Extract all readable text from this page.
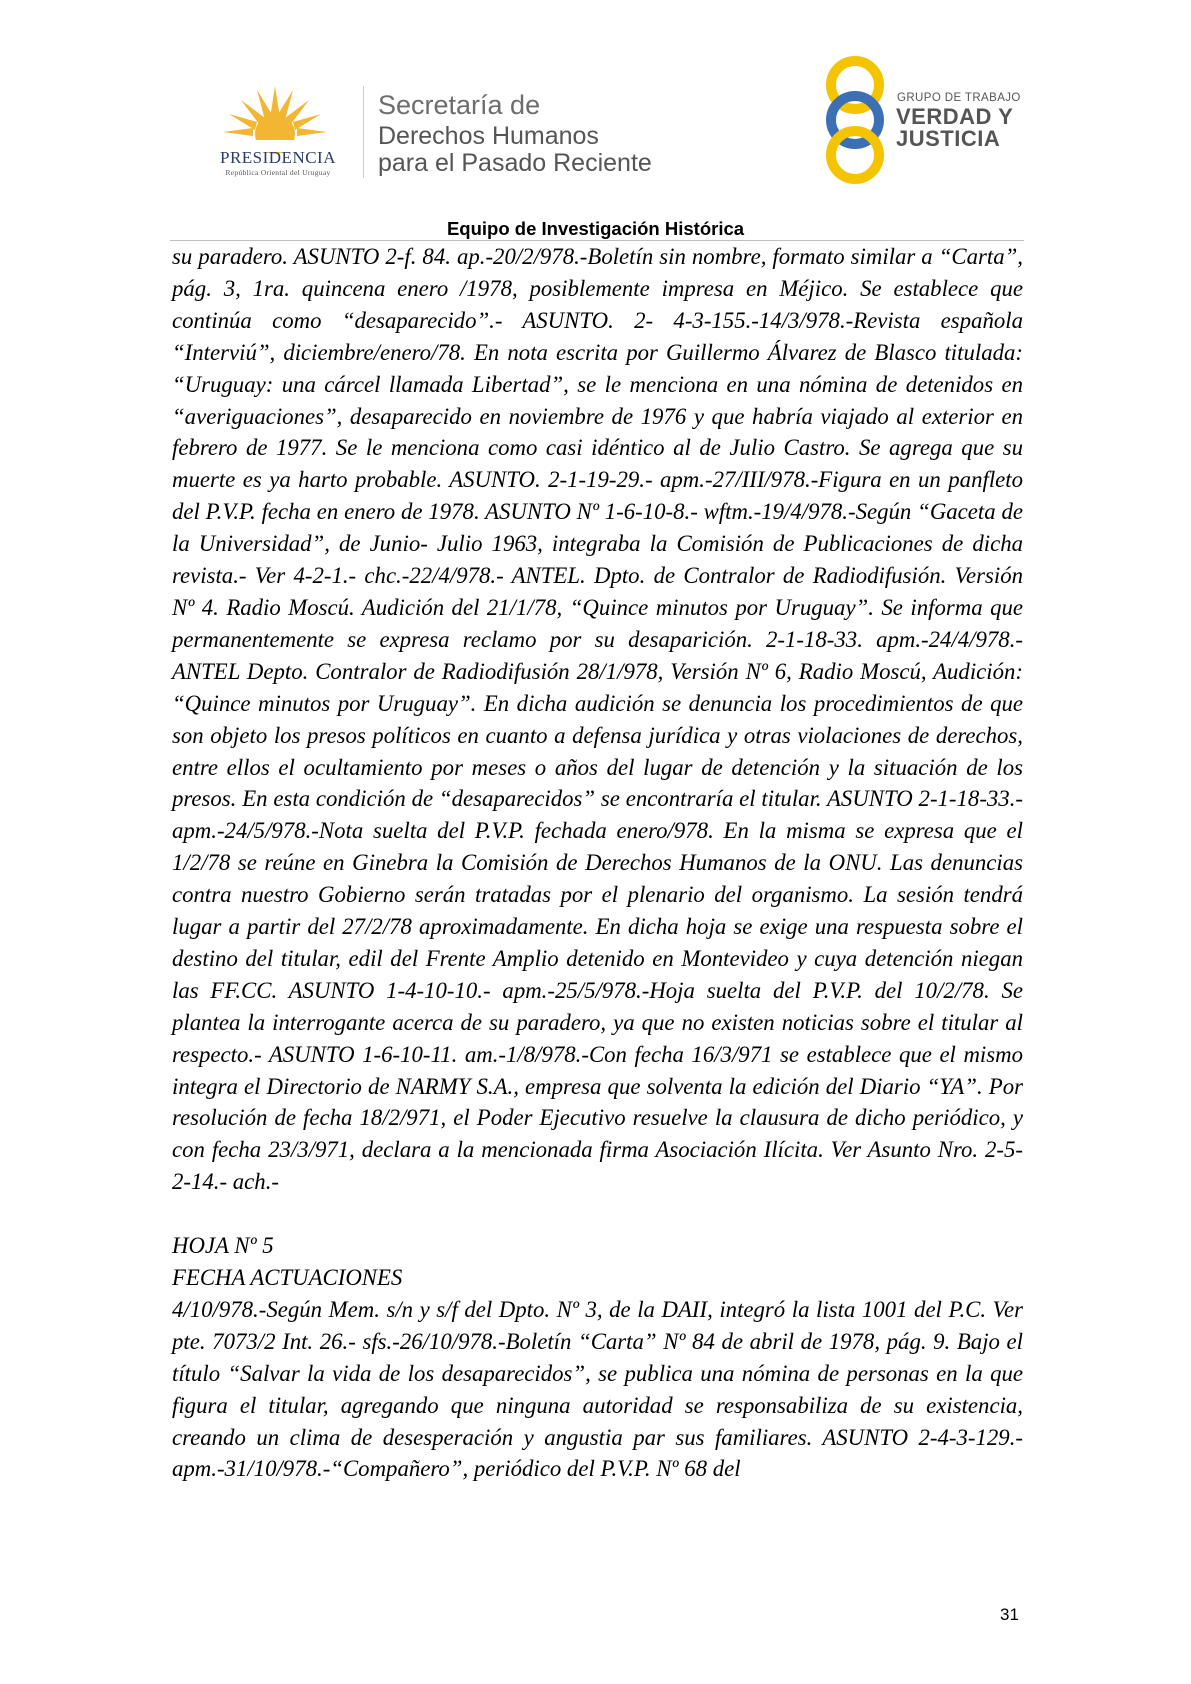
PRESIDENCIA
República Oriental del Uruguay
Secretaría de
Derechos Humanos
para el Pasado Reciente
GRUPO DE TRABAJO
VERDAD Y
JUSTICIA
Equipo de Investigación Histórica

su paradero. ASUNTO 2-f. 84. ap.-20/2/978.-Boletín sin nombre, formato similar a “Carta”, pág. 3, 1ra. quincena enero /1978, posiblemente impresa en Méjico. Se establece que continúa como “desaparecido”.- ASUNTO. 2- 4-3-155.-14/3/978.-Revista española “Interviú”, diciembre/enero/78. En nota escrita por Guillermo Álvarez de Blasco titulada: “Uruguay: una cárcel llamada Libertad”, se le menciona en una nómina de detenidos en “averiguaciones”, desaparecido en noviembre de 1976 y que habría viajado al exterior en febrero de 1977. Se le menciona como casi idéntico al de Julio Castro. Se agrega que su muerte es ya harto probable. ASUNTO. 2-1-19-29.- apm.-27/III/978.-Figura en un panfleto del P.V.P. fecha en enero de 1978. ASUNTO Nº 1-6-10-8.- wftm.-19/4/978.-Según “Gaceta de la Universidad”, de Junio- Julio 1963, integraba la Comisión de Publicaciones de dicha revista.- Ver 4-2-1.- chc.-22/4/978.- ANTEL. Dpto. de Contralor de Radiodifusión. Versión Nº 4. Radio Moscú. Audición del 21/1/78, “Quince minutos por Uruguay”. Se informa que permanentemente se expresa reclamo por su desaparición. 2-1-18-33. apm.-24/4/978.-ANTEL Depto. Contralor de Radiodifusión 28/1/978, Versión Nº 6, Radio Moscú, Audición: “Quince minutos por Uruguay”. En dicha audición se denuncia los procedimientos de que son objeto los presos políticos en cuanto a defensa jurídica y otras violaciones de derechos, entre ellos el ocultamiento por meses o años del lugar de detención y la situación de los presos. En esta condición de “desaparecidos” se encontraría el titular. ASUNTO 2-1-18-33.- apm.-24/5/978.-Nota suelta del P.V.P. fechada enero/978. En la misma se expresa que el 1/2/78 se reúne en Ginebra la Comisión de Derechos Humanos de la ONU. Las denuncias contra nuestro Gobierno serán tratadas por el plenario del organismo. La sesión tendrá lugar a partir del 27/2/78 aproximadamente. En dicha hoja se exige una respuesta sobre el destino del titular, edil del Frente Amplio detenido en Montevideo y cuya detención niegan las FF.CC. ASUNTO 1-4-10-10.- apm.-25/5/978.-Hoja suelta del P.V.P. del 10/2/78. Se plantea la interrogante acerca de su paradero, ya que no existen noticias sobre el titular al respecto.- ASUNTO 1-6-10-11. am.-1/8/978.-Con fecha 16/3/971 se establece que el mismo integra el Directorio de NARMY S.A., empresa que solventa la edición del Diario “YA”. Por resolución de fecha 18/2/971, el Poder Ejecutivo resuelve la clausura de dicho periódico, y con fecha 23/3/971, declara a la mencionada firma Asociación Ilícita. Ver Asunto Nro. 2-5-2-14.- ach.-

HOJA Nº 5

FECHA ACTUACIONES

4/10/978.-Según Mem. s/n y s/f del Dpto. Nº 3, de la DAII, integró la lista 1001 del P.C. Ver pte. 7073/2 Int. 26.- sfs.-26/10/978.-Boletín “Carta” Nº 84 de abril de 1978, pág. 9. Bajo el título “Salvar la vida de los desaparecidos”, se publica una nómina de personas en la que figura el titular, agregando que ninguna autoridad se responsabiliza de su existencia, creando un clima de desesperación y angustia par sus familiares. ASUNTO 2-4-3-129.- apm.-31/10/978.-“Compañero”, periódico del P.V.P. Nº 68 del

31
